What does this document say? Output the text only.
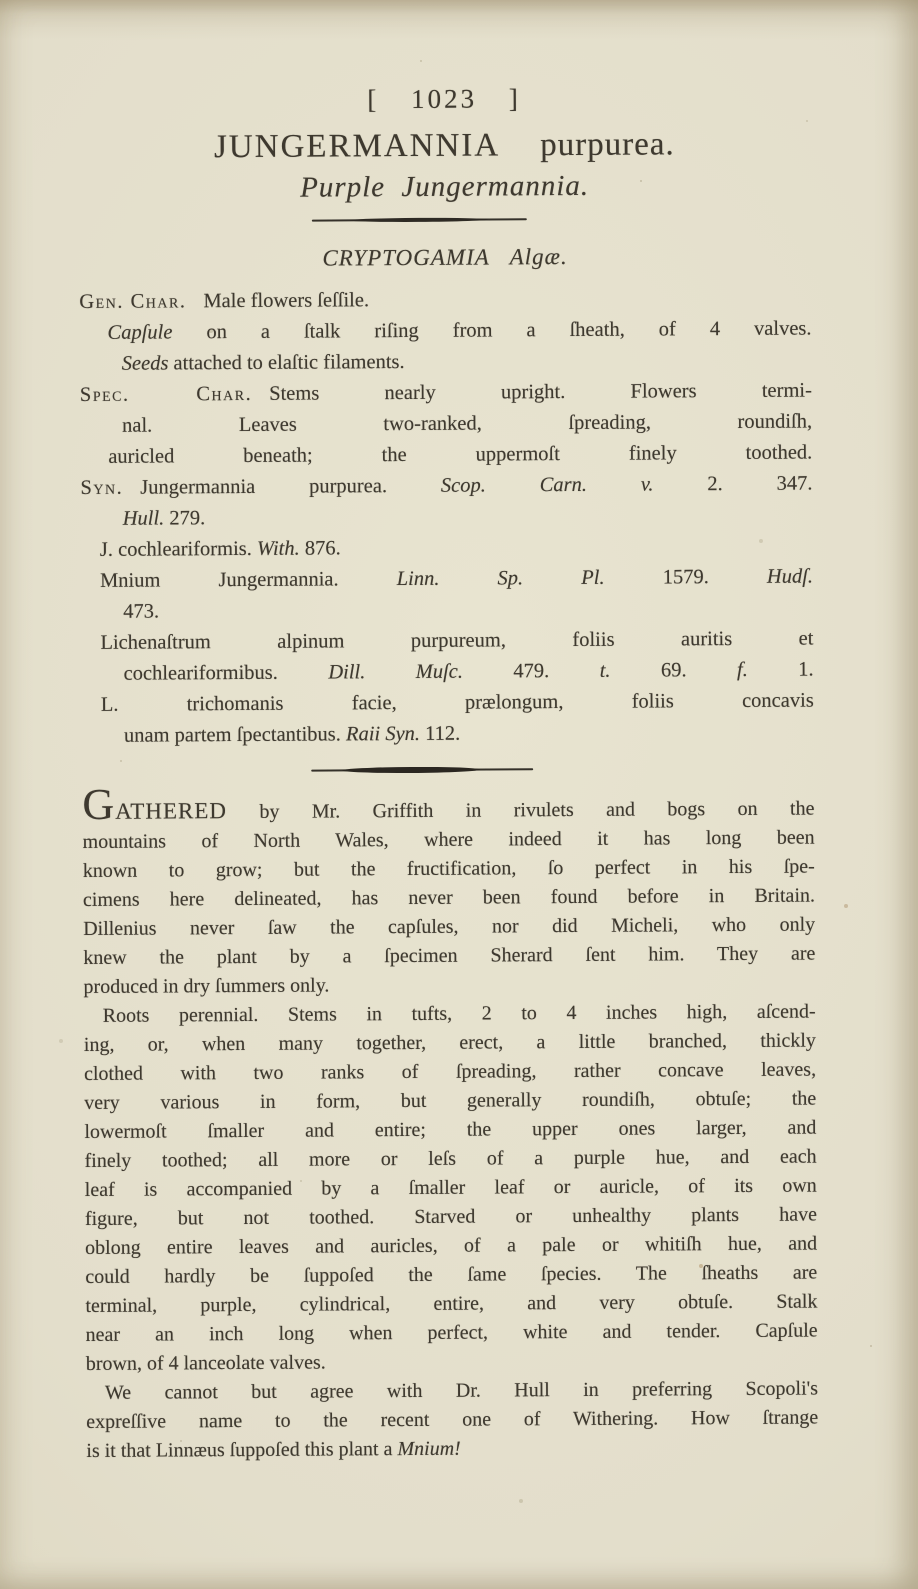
[ 1023 ]
JUNGERMANNIA purpurea.
Purple Jungermannia.
CRYPTOGAMIA Algæ.
Gen. Char. Male flowers ſeſſile.
Capſule on a ſtalk riſing from a ſheath, of 4 valves.
Seeds attached to elaſtic filaments.
Spec. Char. Stems nearly upright. Flowers termi-
nal. Leaves two-ranked, ſpreading, roundiſh,
auricled beneath; the uppermoſt finely toothed.
Syn. Jungermannia purpurea. Scop. Carn. v. 2. 347.
Hull. 279.
J. cochleariformis. With. 876.
Mnium Jungermannia. Linn. Sp. Pl. 1579. Hudſ.
473.
Lichenaſtrum alpinum purpureum, foliis auritis et
cochleariformibus. Dill. Muſc. 479. t. 69. f. 1.
L. trichomanis facie, prælongum, foliis concavis
unam partem ſpectantibus. Raii Syn. 112.
GATHERED by Mr. Griffith in rivulets and bogs on the
mountains of North Wales, where indeed it has long been
known to grow; but the fructification, ſo perfect in his ſpe-
cimens here delineated, has never been found before in Britain.
Dillenius never ſaw the capſules, nor did Micheli, who only
knew the plant by a ſpecimen Sherard ſent him. They are
produced in dry ſummers only.
Roots perennial. Stems in tufts, 2 to 4 inches high, aſcend-
ing, or, when many together, erect, a little branched, thickly
clothed with two ranks of ſpreading, rather concave leaves,
very various in form, but generally roundiſh, obtuſe; the
lowermoſt ſmaller and entire; the upper ones larger, and
finely toothed; all more or leſs of a purple hue, and each
leaf is accompanied by a ſmaller leaf or auricle, of its own
figure, but not toothed. Starved or unhealthy plants have
oblong entire leaves and auricles, of a pale or whitiſh hue, and
could hardly be ſuppoſed the ſame ſpecies. The ſheaths are
terminal, purple, cylindrical, entire, and very obtuſe. Stalk
near an inch long when perfect, white and tender. Capſule
brown, of 4 lanceolate valves.
We cannot but agree with Dr. Hull in preferring Scopoli's
expreſſive name to the recent one of Withering. How ſtrange
is it that Linnæus ſuppoſed this plant a Mnium!
